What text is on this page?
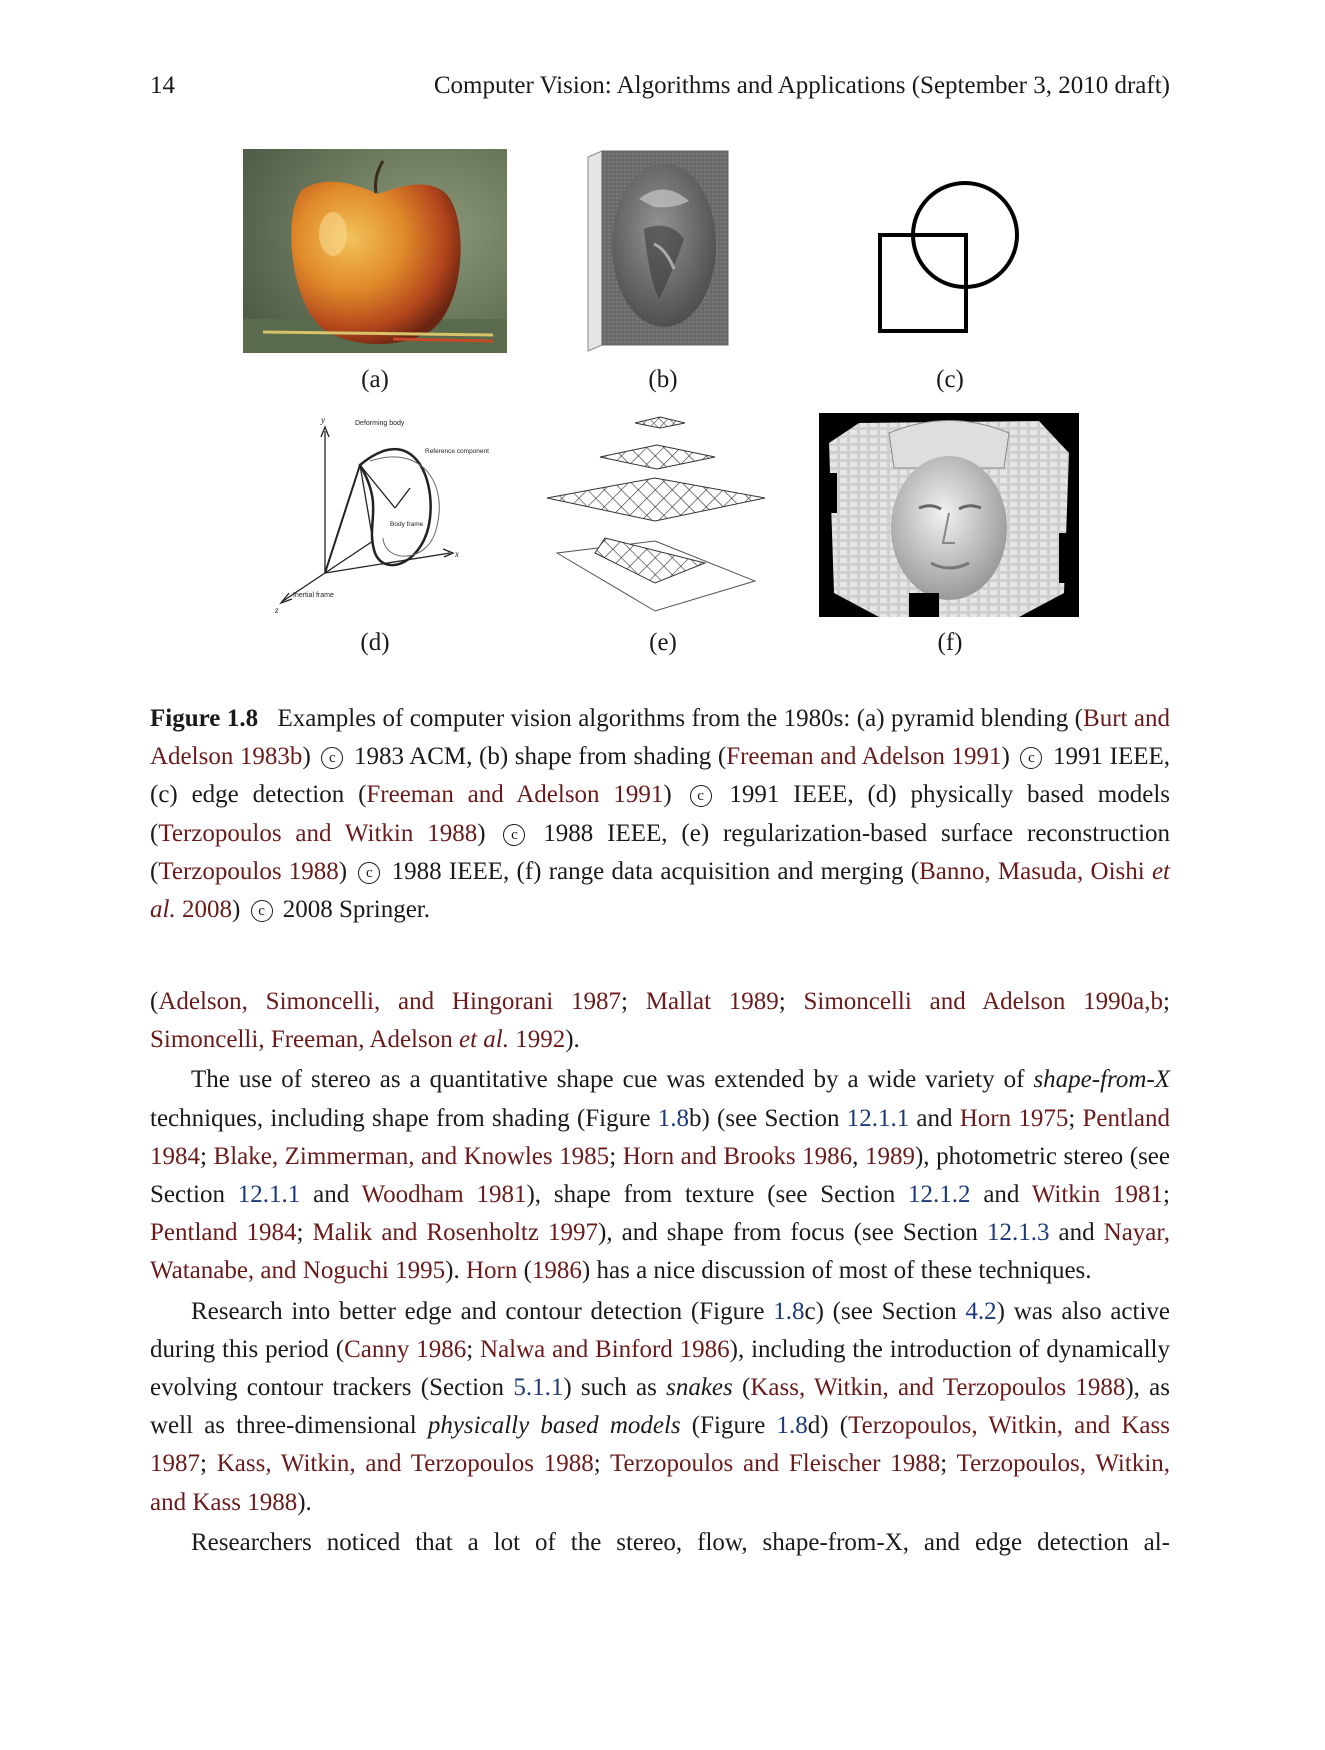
14	Computer Vision: Algorithms and Applications (September 3, 2010 draft)
(a)	(b)	(c)
Deforming body
Reference component
Body frame
Inertial frame
x
y
z
(d)	(e)	(f)
Figure 1.8 Examples of computer vision algorithms from the 1980s: (a) pyramid blending (Burt and Adelson 1983b) c 1983 ACM, (b) shape from shading (Freeman and Adelson 1991) c 1991 IEEE, (c) edge detection (Freeman and Adelson 1991) c 1991 IEEE, (d) physically based models (Terzopoulos and Witkin 1988) c 1988 IEEE, (e) regularization-based surface reconstruction (Terzopoulos 1988) c 1988 IEEE, (f) range data acquisition and merging (Banno, Masuda, Oishi et al. 2008) c 2008 Springer.

(Adelson, Simoncelli, and Hingorani 1987; Mallat 1989; Simoncelli and Adelson 1990a,b; Simoncelli, Freeman, Adelson et al. 1992).

The use of stereo as a quantitative shape cue was extended by a wide variety of shape-from-X techniques, including shape from shading (Figure 1.8b) (see Section 12.1.1 and Horn 1975; Pentland 1984; Blake, Zimmerman, and Knowles 1985; Horn and Brooks 1986, 1989), photometric stereo (see Section 12.1.1 and Woodham 1981), shape from texture (see Section 12.1.2 and Witkin 1981; Pentland 1984; Malik and Rosenholtz 1997), and shape from focus (see Section 12.1.3 and Nayar, Watanabe, and Noguchi 1995). Horn (1986) has a nice discussion of most of these techniques.

Research into better edge and contour detection (Figure 1.8c) (see Section 4.2) was also active during this period (Canny 1986; Nalwa and Binford 1986), including the introduction of dynamically evolving contour trackers (Section 5.1.1) such as snakes (Kass, Witkin, and Terzopoulos 1988), as well as three-dimensional physically based models (Figure 1.8d) (Terzopoulos, Witkin, and Kass 1987; Kass, Witkin, and Terzopoulos 1988; Terzopoulos and Fleischer 1988; Terzopoulos, Witkin, and Kass 1988).

Researchers noticed that a lot of the stereo, flow, shape-from-X, and edge detection al-
